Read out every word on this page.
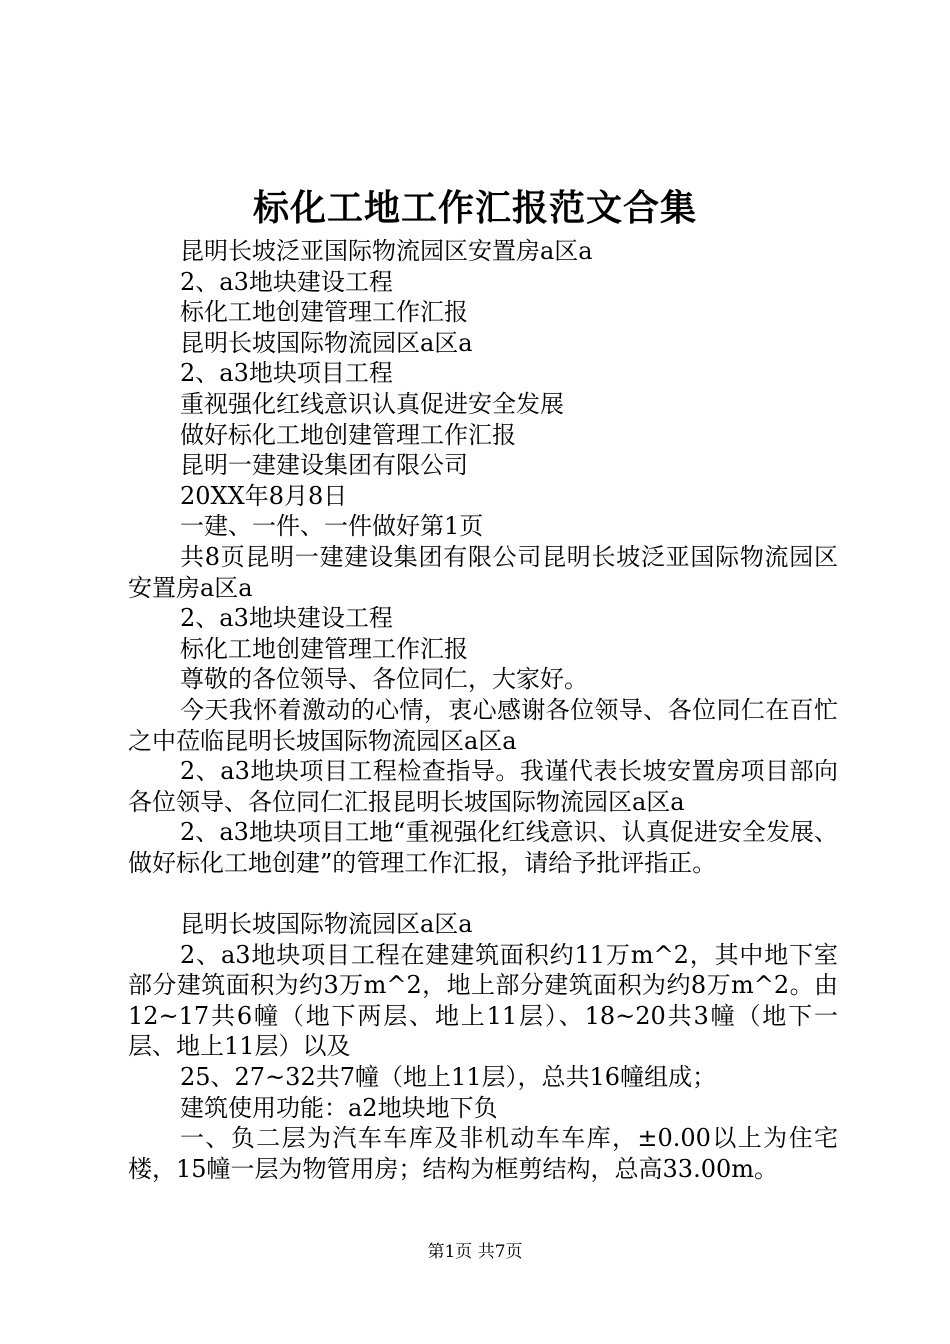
标化工地工作汇报范文合集

昆明长坡泛亚国际物流园区安置房a区a

2、a3地块建设工程

标化工地创建管理工作汇报

昆明长坡国际物流园区a区a

2、a3地块项目工程

重视强化红线意识认真促进安全发展

做好标化工地创建管理工作汇报

昆明一建建设集团有限公司

20XX年8月8日

一建、一件、一件做好第1页

共8页昆明一建建设集团有限公司昆明长坡泛亚国际物流园区安置房a区a

2、a3地块建设工程

标化工地创建管理工作汇报

尊敬的各位领导、各位同仁，大家好。

今天我怀着激动的心情，衷心感谢各位领导、各位同仁在百忙之中莅临昆明长坡国际物流园区a区a

2、a3地块项目工程检查指导。我谨代表长坡安置房项目部向各位领导、各位同仁汇报昆明长坡国际物流园区a区a

2、a3地块项目工地“重视强化红线意识、认真促进安全发展、做好标化工地创建”的管理工作汇报，请给予批评指正。

昆明长坡国际物流园区a区a

2、a3地块项目工程在建建筑面积约11万m^2，其中地下室部分建筑面积为约3万m^2，地上部分建筑面积为约8万m^2。由12~17共6幢（地下两层、地上11层）、18~20共3幢（地下一层、地上11层）以及

25、27~32共7幢（地上11层），总共16幢组成；

建筑使用功能：a2地块地下负

一、负二层为汽车车库及非机动车车库，±0.00以上为住宅楼，15幢一层为物管用房；结构为框剪结构，总高33.00m。

第1页 共7页
